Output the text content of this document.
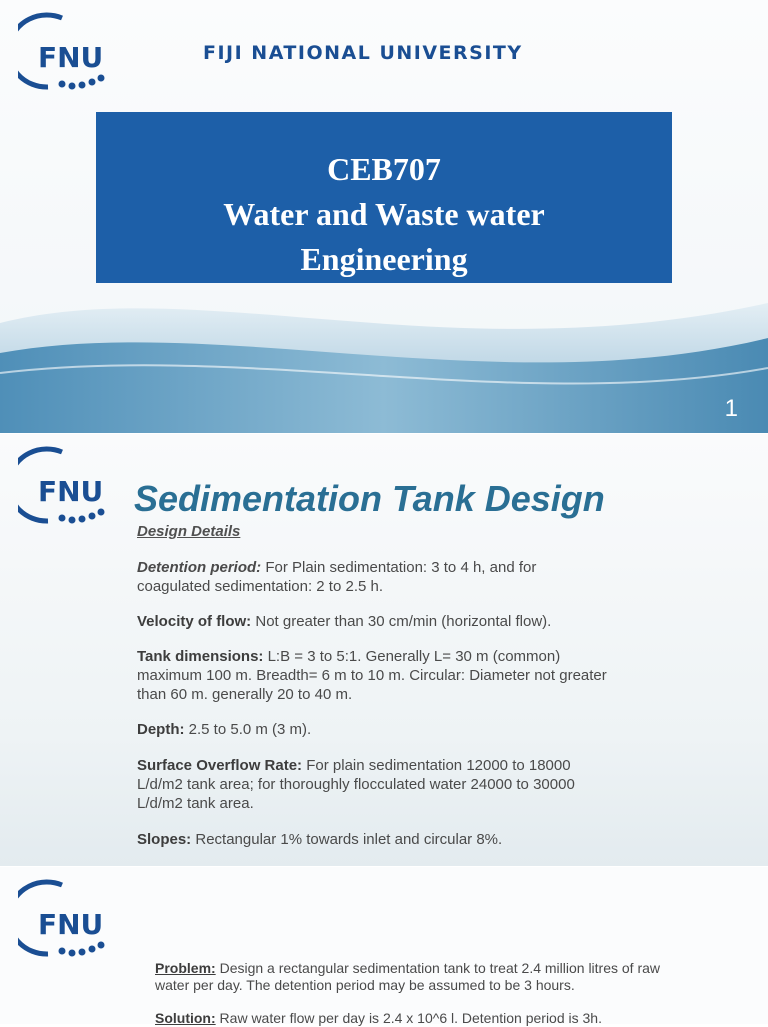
FNU	FIJI NATIONAL UNIVERSITY
CEB707
Water and Waste water
Engineering
1
FNU Sedimentation Tank Design
Design Details
Detention period: For Plain sedimentation: 3 to 4 h, and for coagulated sedimentation: 2 to 2.5 h.
Velocity of flow: Not greater than 30 cm/min (horizontal flow).
Tank dimensions: L:B = 3 to 5:1. Generally L= 30 m (common) maximum 100 m. Breadth= 6 m to 10 m. Circular: Diameter not greater than 60 m. generally 20 to 40 m.
Depth: 2.5 to 5.0 m (3 m).
Surface Overflow Rate: For plain sedimentation 12000 to 18000 L/d/m2 tank area; for thoroughly flocculated water 24000 to 30000 L/d/m2 tank area.
Slopes: Rectangular 1% towards inlet and circular 8%.
FNU
Problem: Design a rectangular sedimentation tank to treat 2.4 million litres of raw water per day. The detention period may be assumed to be 3 hours.
Solution: Raw water flow per day is 2.4 x 10^6 l. Detention period is 3h.
